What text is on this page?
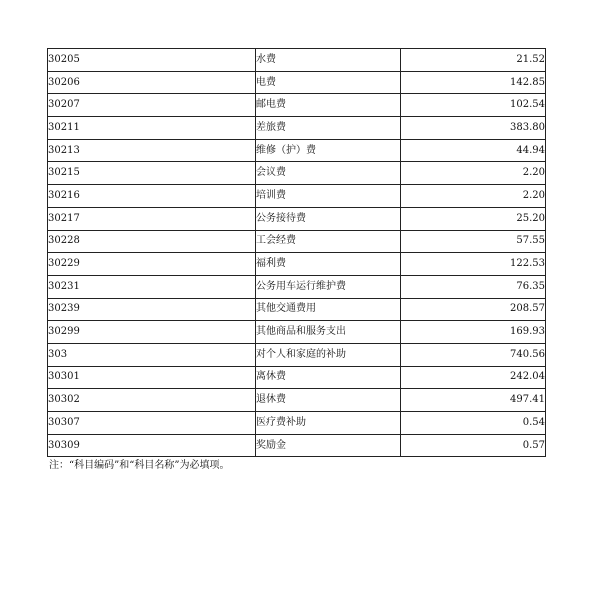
30205	水费	21.52
30206	电费	142.85
30207	邮电费	102.54
30211	差旅费	383.80
30213	维修（护）费	44.94
30215	会议费	2.20
30216	培训费	2.20
30217	公务接待费	25.20
30228	工会经费	57.55
30229	福利费	122.53
30231	公务用车运行维护费	76.35
30239	其他交通费用	208.57
30299	其他商品和服务支出	169.93
303	对个人和家庭的补助	740.56
30301	离休费	242.04
30302	退休费	497.41
30307	医疗费补助	0.54
30309	奖励金	0.57
注：“科目编码”和“科目名称”为必填项。
